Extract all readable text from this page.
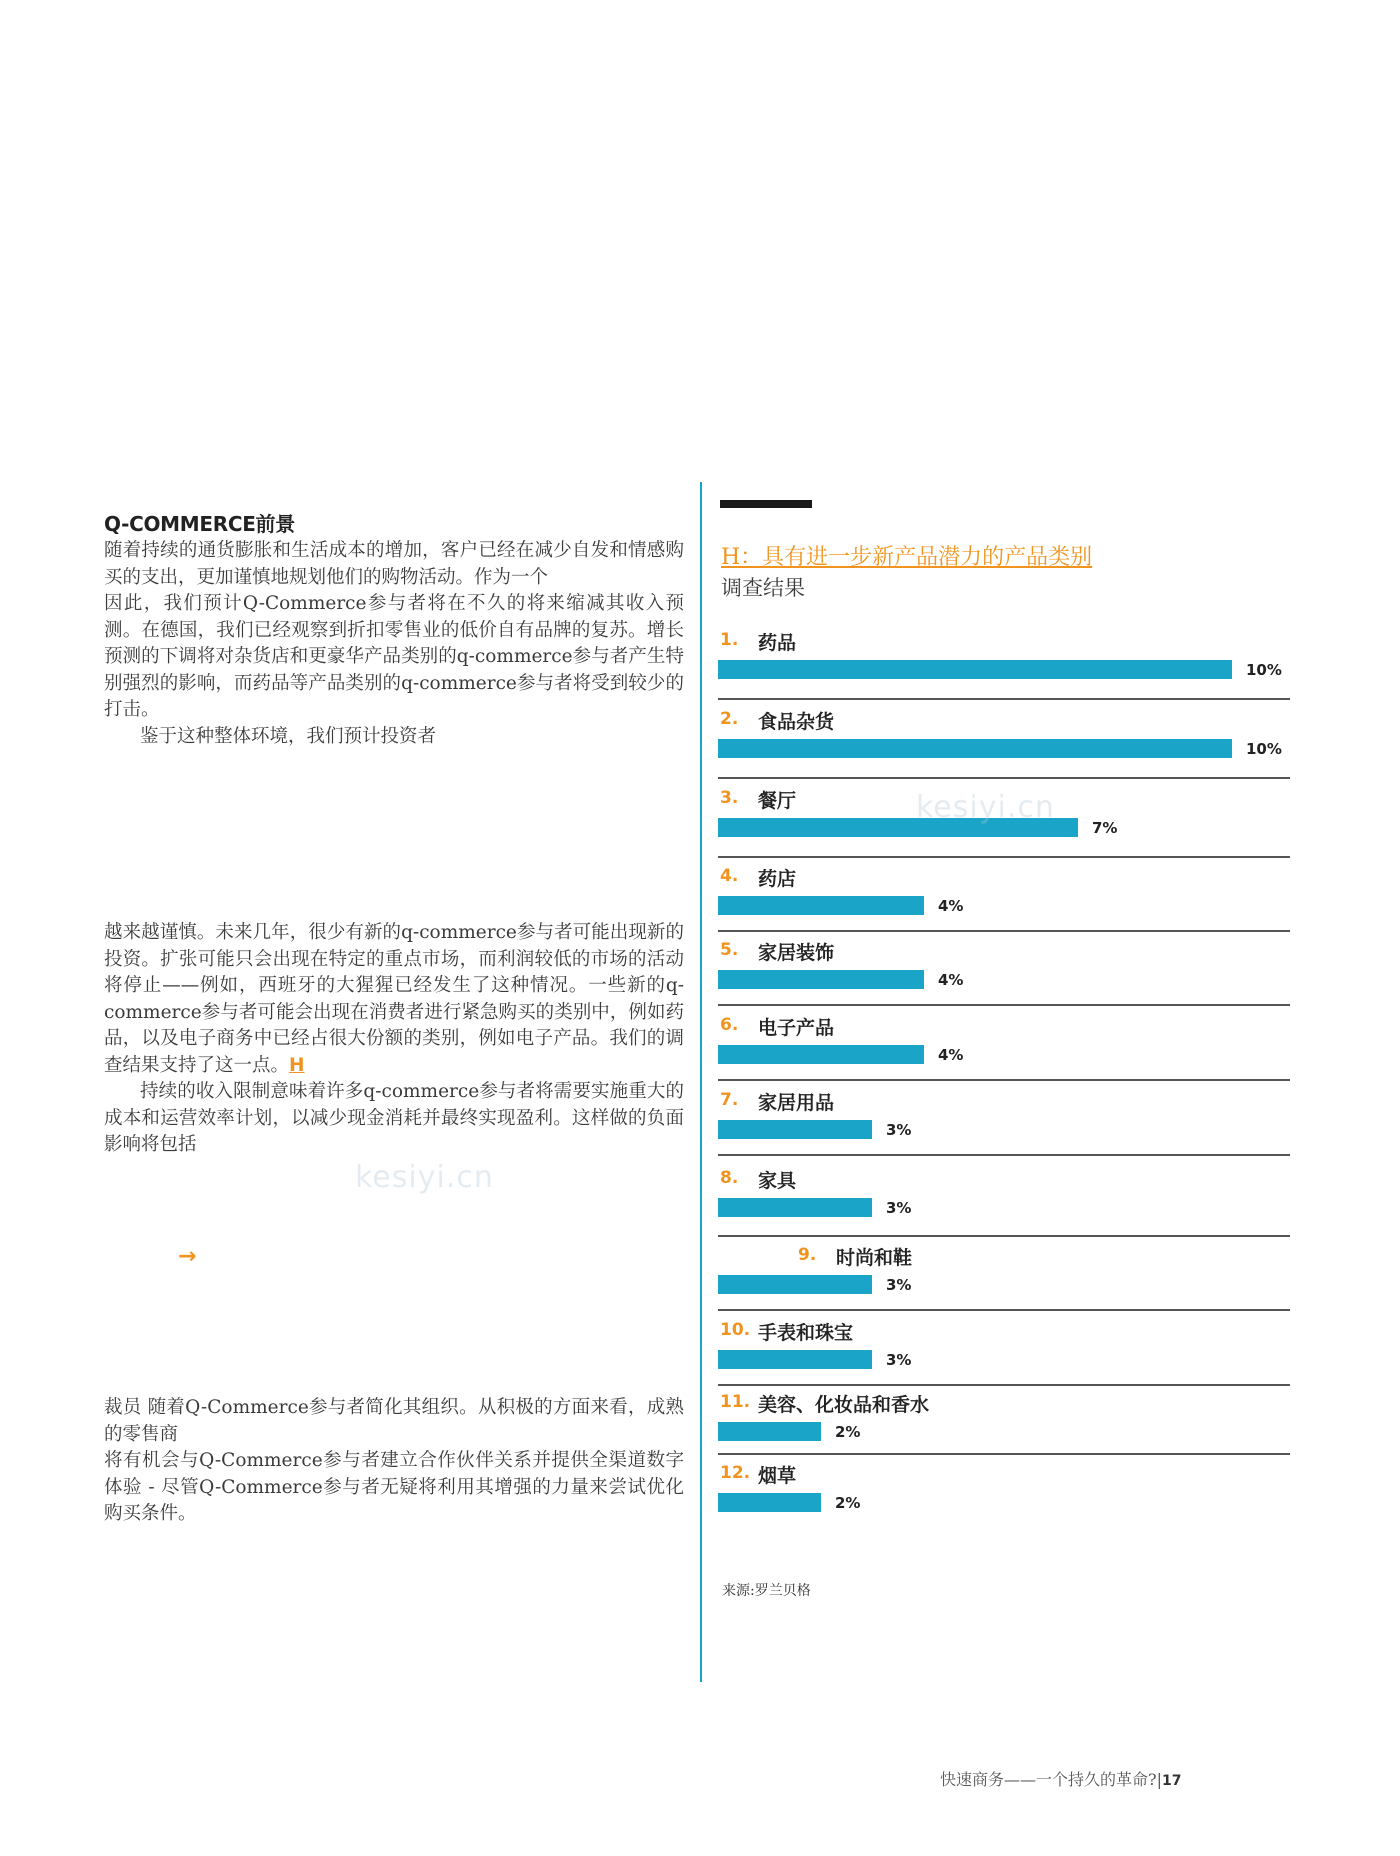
Q-COMMERCE前景

随着持续的通货膨胀和生活成本的增加，客户已经在减少自发和情感购买的支出，更加谨慎地规划他们的购物活动。作为一个

因此，我们预计Q-Commerce参与者将在不久的将来缩减其收入预测。在德国，我们已经观察到折扣零售业的低价自有品牌的复苏。增长预测的下调将对杂货店和更豪华产品类别的q-commerce参与者产生特别强烈的影响，而药品等产品类别的q-commerce参与者将受到较少的打击。

鉴于这种整体环境，我们预计投资者

越来越谨慎。未来几年，很少有新的q-commerce参与者可能出现新的投资。扩张可能只会出现在特定的重点市场，而利润较低的市场的活动将停止——例如，西班牙的大猩猩已经发生了这种情况。一些新的q-commerce参与者可能会出现在消费者进行紧急购买的类别中，例如药品，以及电子商务中已经占很大份额的类别，例如电子产品。我们的调查结果支持了这一点。H

持续的收入限制意味着许多q-commerce参与者将需要实施重大的成本和运营效率计划，以减少现金消耗并最终实现盈利。这样做的负面影响将包括

→

裁员 随着Q-Commerce参与者简化其组织。从积极的方面来看，成熟的零售商

将有机会与Q-Commerce参与者建立合作伙伴关系并提供全渠道数字体验 - 尽管Q-Commerce参与者无疑将利用其增强的力量来尝试优化购买条件。

H：具有进一步新产品潜力的产品类别

调查结果

1. 药品
10%
2. 食品杂货
10%
3. 餐厅
7%
4. 药店
4%
5. 家居装饰
4%
6. 电子产品
4%
7. 家居用品
3%
8. 家具
3%
9. 时尚和鞋
3%
10. 手表和珠宝
3%
11. 美容、化妆品和香水
2%
12. 烟草
2%
来源:罗兰贝格
kesiyi.cn
kesiyi.cn
快速商务——一个持久的革命?|17
